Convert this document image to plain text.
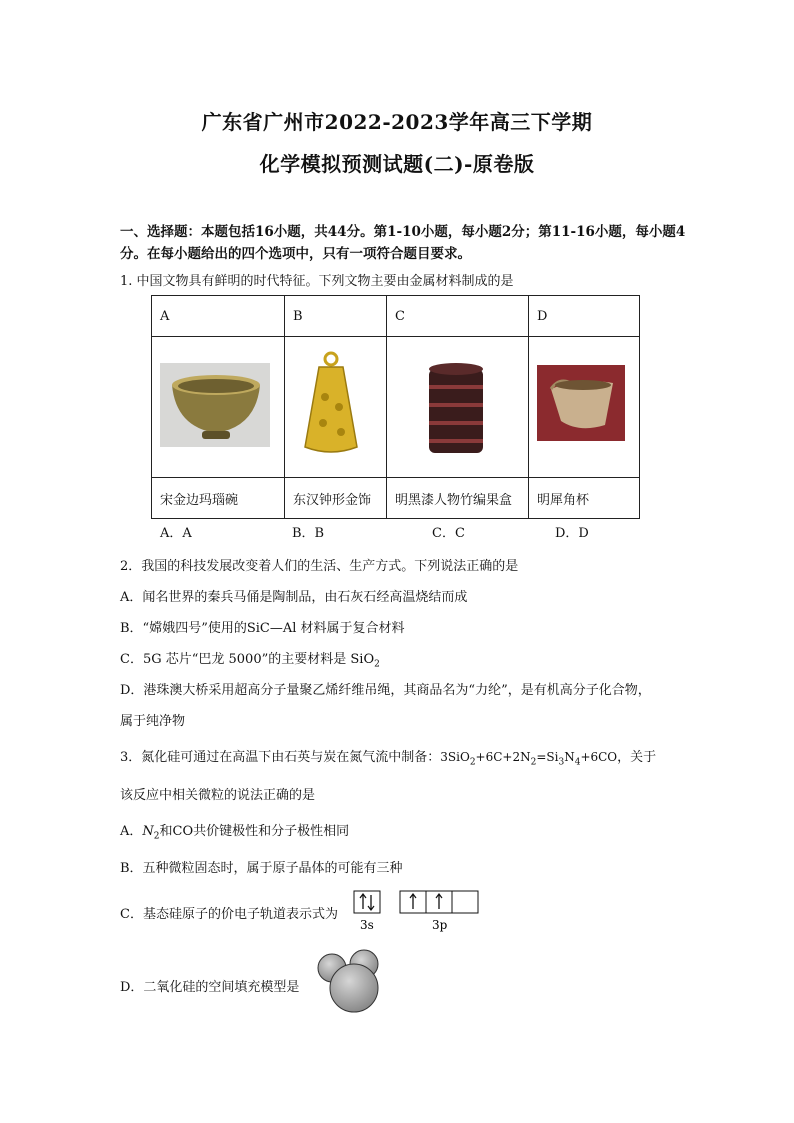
广东省广州市2022-2023学年高三下学期
化学模拟预测试题(二)-原卷版
一、选择题：本题包括16小题，共44分。第1-10小题，每小题2分；第11-16小题，每小题4分。在每小题给出的四个选项中，只有一项符合题目要求。
1. 中国文物具有鲜明的时代特征。下列文物主要由金属材料制成的是
A	B	C	D

宋金边玛瑙碗	东汉钟形金饰	明黑漆人物竹编果盒	明犀角杯
A．A	B．B	C．C	D．D
2．我国的科技发展改变着人们的生活、生产方式。下列说法正确的是
A．闻名世界的秦兵马俑是陶制品，由石灰石经高温烧结而成
B．“嫦娥四号”使用的SiC—Al 材料属于复合材料
C．5G 芯片“巴龙 5000”的主要材料是 SiO$_2$
D．港珠澳大桥采用超高分子量聚乙烯纤维吊绳，其商品名为“力纶”，是有机高分子化合物，
属于纯净物
3．氮化硅可通过在高温下由石英与炭在氮气流中制备：$3SiO_2+6C+2N_2=Si_3N_4+6CO$，关于
该反应中相关微粒的说法正确的是
A．$N_2$和CO共价键极性和分子极性相同
B．五种微粒固态时，属于原子晶体的可能有三种
C．基态硅原子的价电子轨道表示式为
3s	3p
D．二氧化硅的空间填充模型是
